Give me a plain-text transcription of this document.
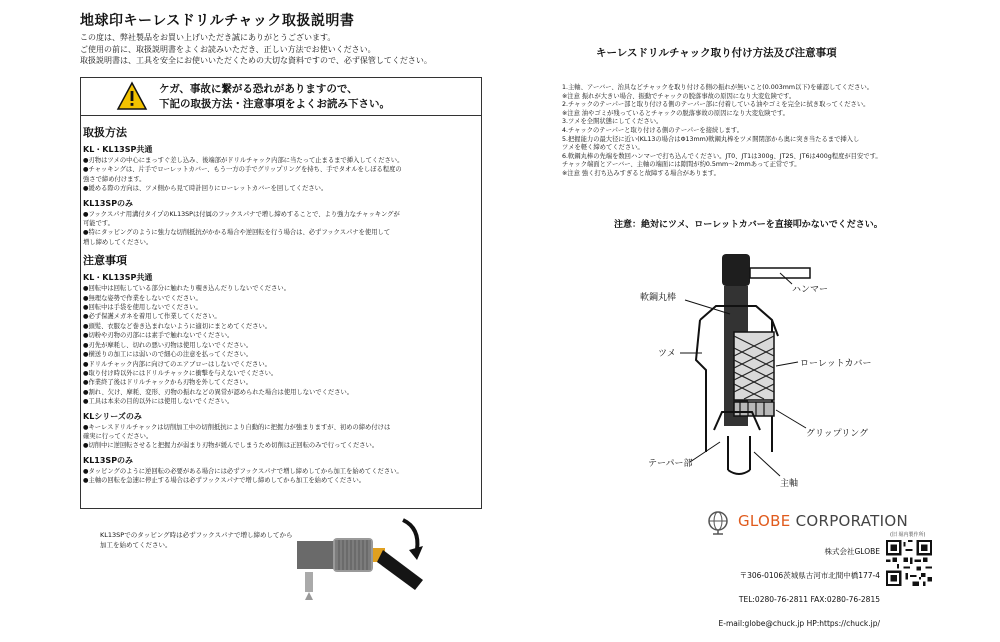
地球印キーレスドリルチャック取扱説明書
この度は、弊社製品をお買い上げいただき誠にありがとうございます。
ご使用の前に、取扱説明書をよくお読みいただき、正しい方法でお使いください。
取扱説明書は、工具を安全にお使いいただくための大切な資料ですので、必ず保管してください。
ケガ、事故に繋がる恐れがありますので、
下記の取扱方法・注意事項をよくお読み下さい。
取扱方法
KL・KL13SP共通
●刃物はツメの中心にまっすぐ差し込み、後端部がドリルチャック内部に当たって止まるまで挿入してください。
●チャッキングは、片手でローレットカバー、もう一方の手でグリップリングを持ち、手でタオルをしぼる程度の
強さで締め付けます。
●緩める際の方向は、ツメ側から見て時計回りにローレットカバーを回してください。
KL13SPのみ
●フックスパナ用溝付タイプのKL13SPは付属のフックスパナで増し締めすることで、より強力なチャッキングが
可能です。
●特にタッピングのように強力な切削抵抗がかかる場合や逆回転を行う場合は、必ずフックスパナを使用して
増し締めしてください。
注意事項
KL・KL13SP共通
●回転中は回転している部分に触れたり覗き込んだりしないでください。
●無理な姿勢で作業をしないでください。
●回転中は手袋を使用しないでください。
●必ず保護メガネを着用して作業してください。
●頭髪、衣服など巻き込まれないように適切にまとめてください。
●切粉や刃物の刃部には素手で触れないでください。
●刃先が摩耗し、切れの悪い刃物は使用しないでください。
●横送りの加工には弱いので細心の注意を払ってください。
●ドリルチャック内部に向けてのエアブローはしないでください。
●取り付け時以外にはドリルチャックに衝撃を与えないでください。
●作業終了後はドリルチャックから刃物を外してください。
●割れ、欠け、摩耗、変形、刃物の振れなどの異常が認められた場合は使用しないでください。
●工具は本来の目的以外には使用しないでください。
KLシリーズのみ
●キーレスドリルチャックは切削加工中の切削抵抗により自動的に把握力が強まりますが、初めの締め付けは
確実に行ってください。
●切削中に逆回転させると把握力が弱まり刃物が緩んでしまうため切削は正回転のみで行ってください。
KL13SPのみ
●タッピングのように逆回転の必要がある場合には必ずフックスパナで増し締めしてから加工を始めてください。
●主軸の回転を急速に停止する場合は必ずフックスパナで増し締めしてから加工を始めてください。
KL13SPでのタッピング時は必ずフックスパナで増し締めしてから
加工を始めてください。
キーレスドリルチャック取り付け方法及び注意事項
1.主軸、アーバー、治具などチャックを取り付ける側の振れが無いこと(0.003mm以下)を確認してください。
※注意 振れが大きい場合、振動でチャックの脱落事故の原因になり大変危険です。
2.チャックのテーパー部と取り付ける側のテーパー部に付着している油やゴミを完全に拭き取ってください。
※注意 油やゴミが残っているとチャックの脱落事故の原因になり大変危険です。
3.ツメを全開状態にしてください。
4.チャックのテーパーと取り付ける側のテーパーを接続します。
5.把握能力の最大径に近い(KL13の場合はΦ13mm)軟鋼丸棒をツメ開閉部から奥に突き当たるまで挿入し
ツメを軽く締めてください。
6.軟鋼丸棒の先端を数回ハンマーで打ち込んでください。JT0、JT1は300g、JT2S、JT6は400g程度が目安です。
チャック端面とアーバー、主軸の端面には隙間が約0.5mm〜2mmあって正常です。
※注意 強く打ち込みすぎると故障する場合があります。
注意：絶対にツメ、ローレットカバーを直接叩かないでください。
ハンマー
軟鋼丸棒
ツメ
ローレットカバー
グリップリング
テーパー部
主軸
GLOBE CORPORATION
(旧 堀内製作所)

株式会社GLOBE

〒306-0106茨城県古河市北間中橋177-4

TEL:0280-76-2811 FAX:0280-76-2815

E-mail:globe@chuck.jp HP:https://chuck.jp/
